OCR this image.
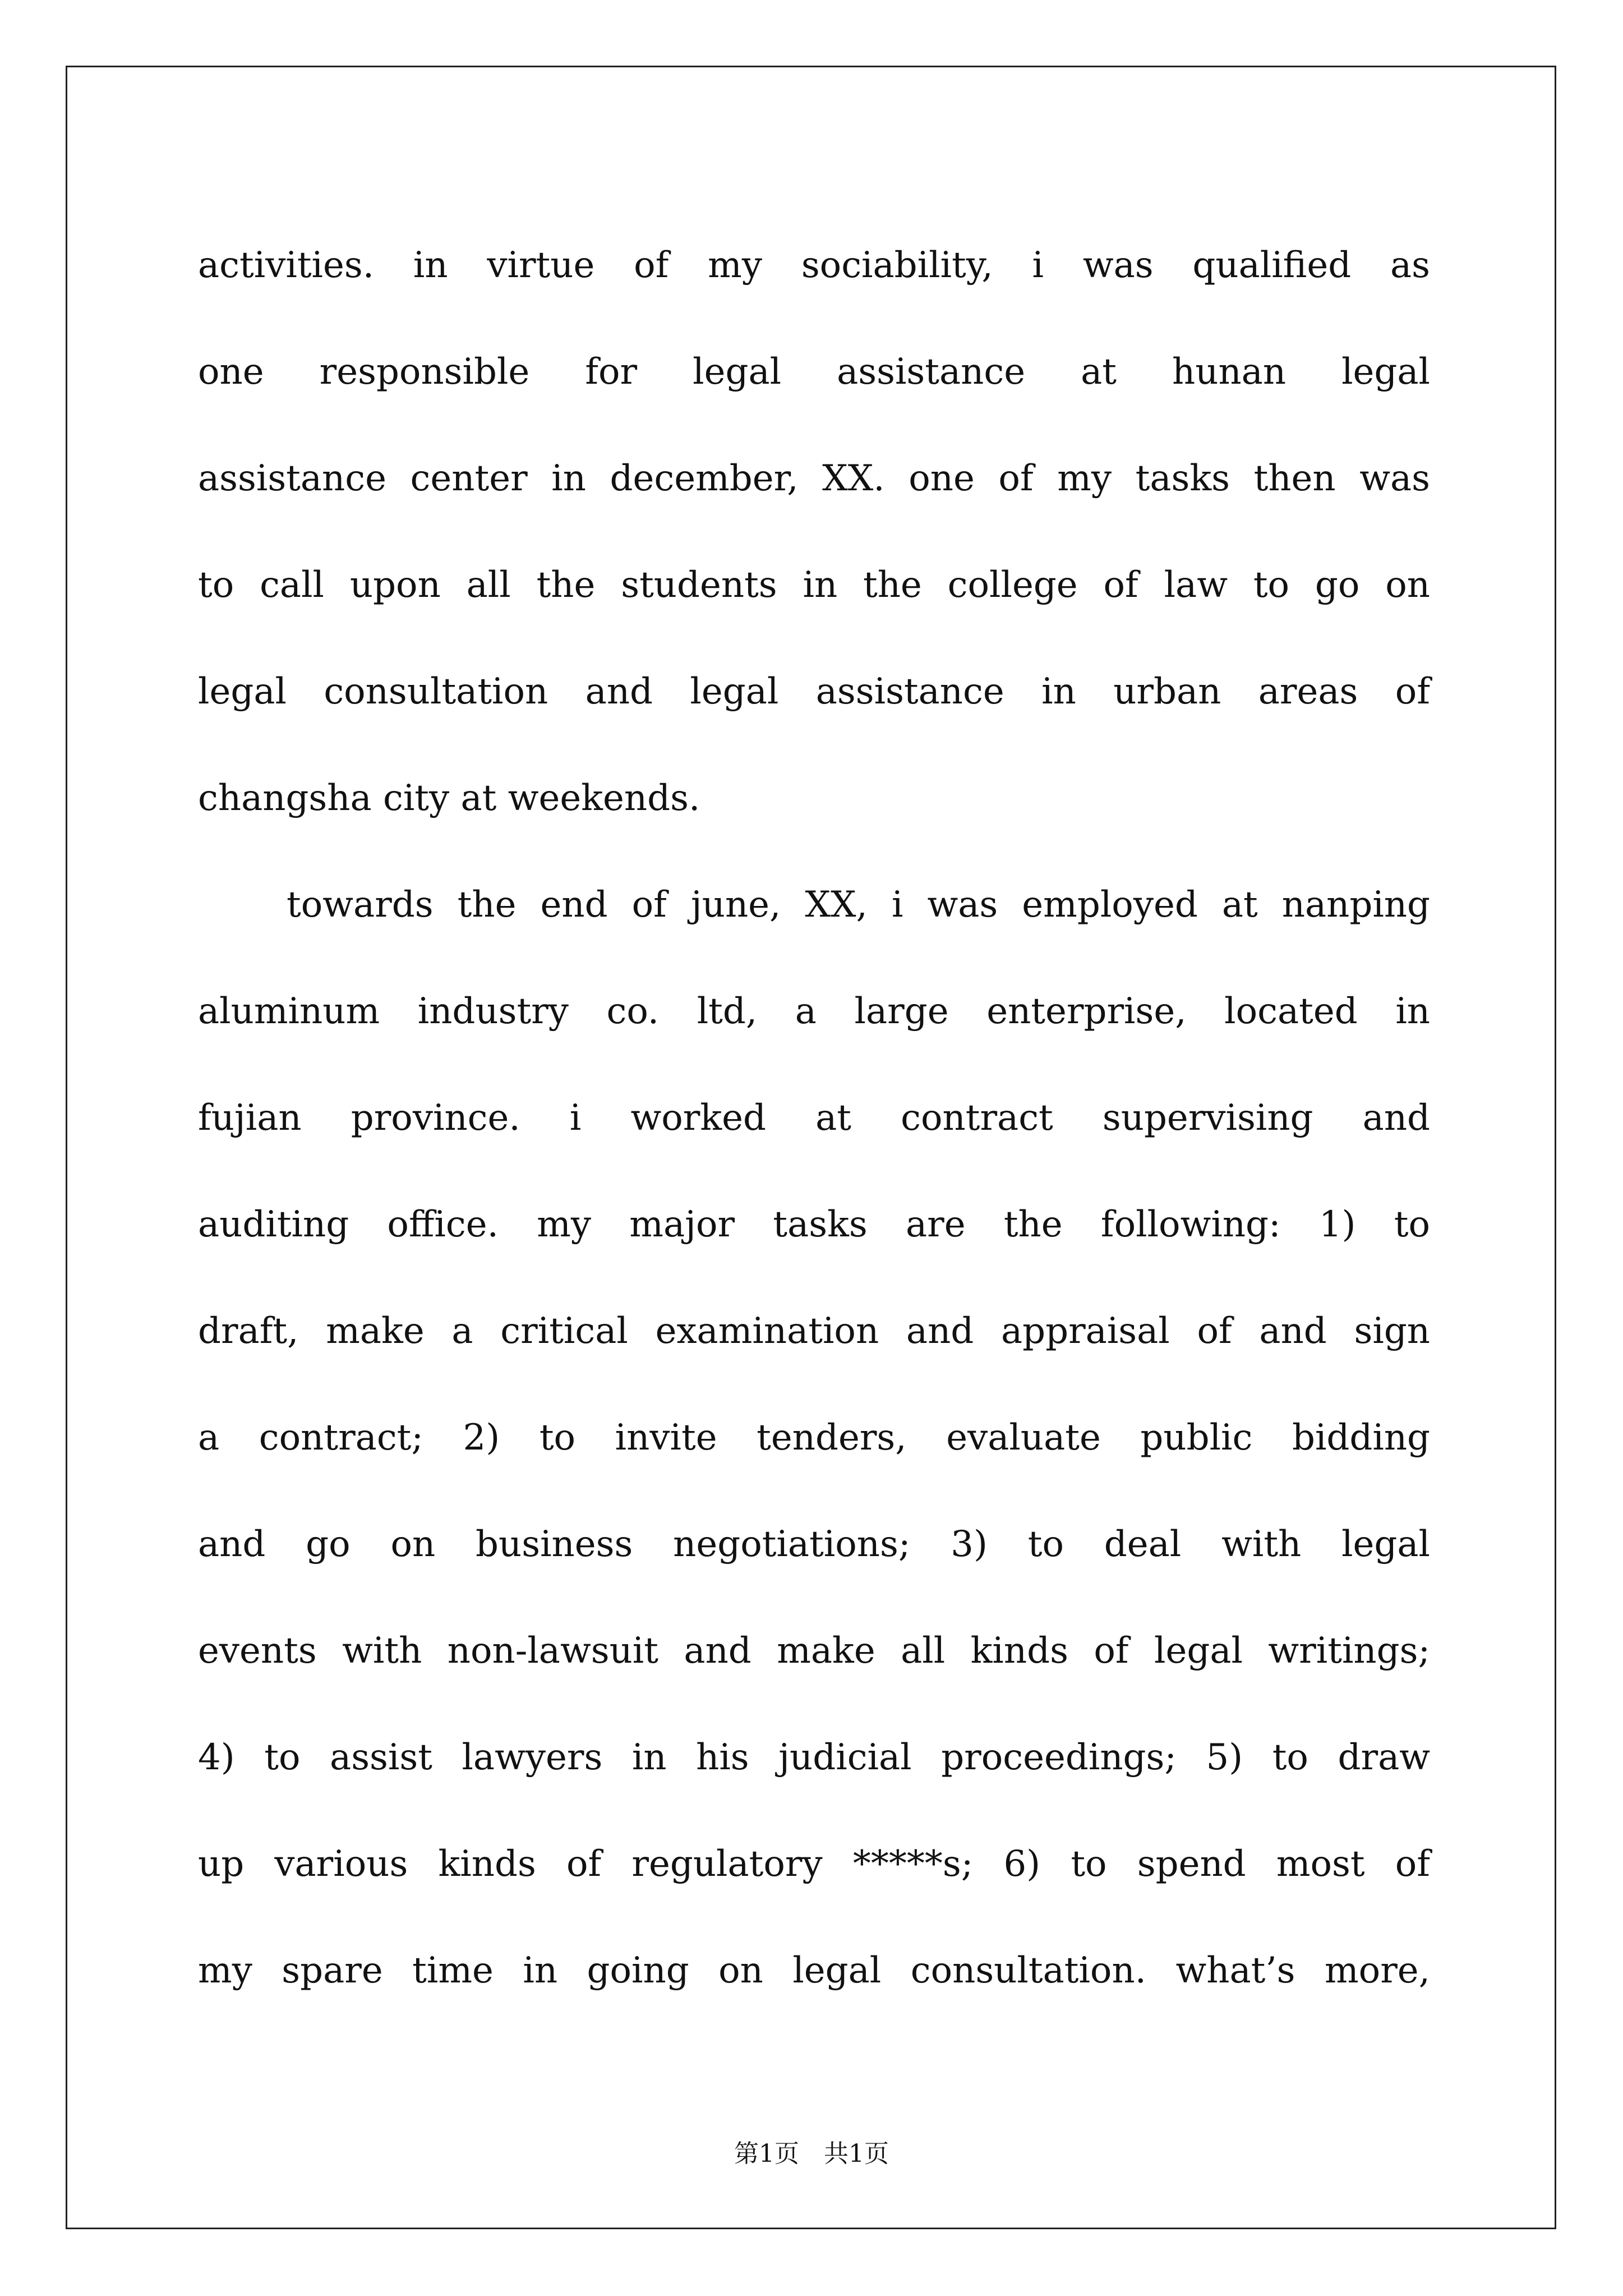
activities. in virtue of my sociability, i was qualified as
one responsible for legal assistance at hunan legal
assistance center in december, XX. one of my tasks then was
to call upon all the students in the college of law to go on
legal consultation and legal assistance in urban areas of
changsha city at weekends.
towards the end of june, XX, i was employed at nanping
aluminum industry co. ltd, a large enterprise, located in
fujian province. i worked at contract supervising and
auditing office. my major tasks are the following: 1) to
draft, make a critical examination and appraisal of and sign
a contract; 2) to invite tenders, evaluate public bidding
and go on business negotiations; 3) to deal with legal
events with non-lawsuit and make all kinds of legal writings;
4) to assist lawyers in his judicial proceedings; 5) to draw
up various kinds of regulatory *****s; 6) to spend most of
my spare time in going on legal consultation. what’s more,
第1页　共1页
